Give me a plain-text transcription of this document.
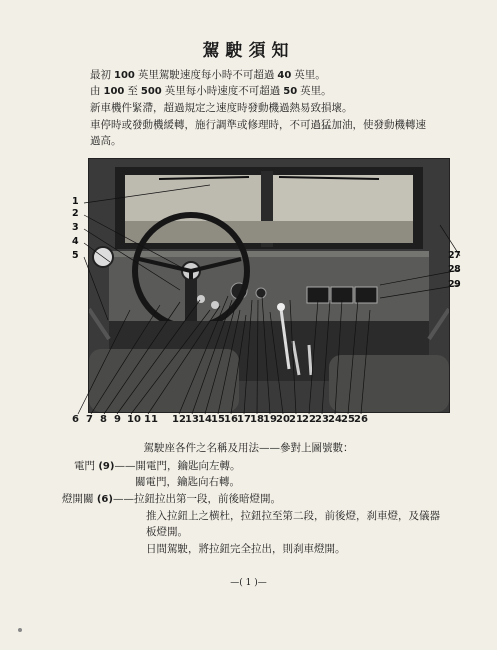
駕駛須知
最初 100 英里駕駛速度每小時不可超過 40 英里。
由 100 至 500 英里每小時速度不可超過 50 英里。
新車機件緊滯，超過規定之速度時發動機過熱易致損壞。
車停時或發動機緩轉，施行調準或修理時，不可過猛加油，使發動機轉速
過高。
1
2
3
4
5	27
28
29
6 7 8 9 10 11 12 13 14 15 16 17 18 19 20 21 22 23 24 25 26
駕駛座各件之名稱及用法——參對上圖號數：
電門 (9)——開電門，鑰匙向左轉。
關電門，鑰匙向右轉。
燈開關 (6)——拉鈕拉出第一段，前後暗燈開。
推入拉鈕上之横杜，拉鈕拉至第二段，前後燈，刹車燈，及儀器
板燈開。
日間駕駛，將拉鈕完全拉出，則刹車燈開。
—( 1 )—
